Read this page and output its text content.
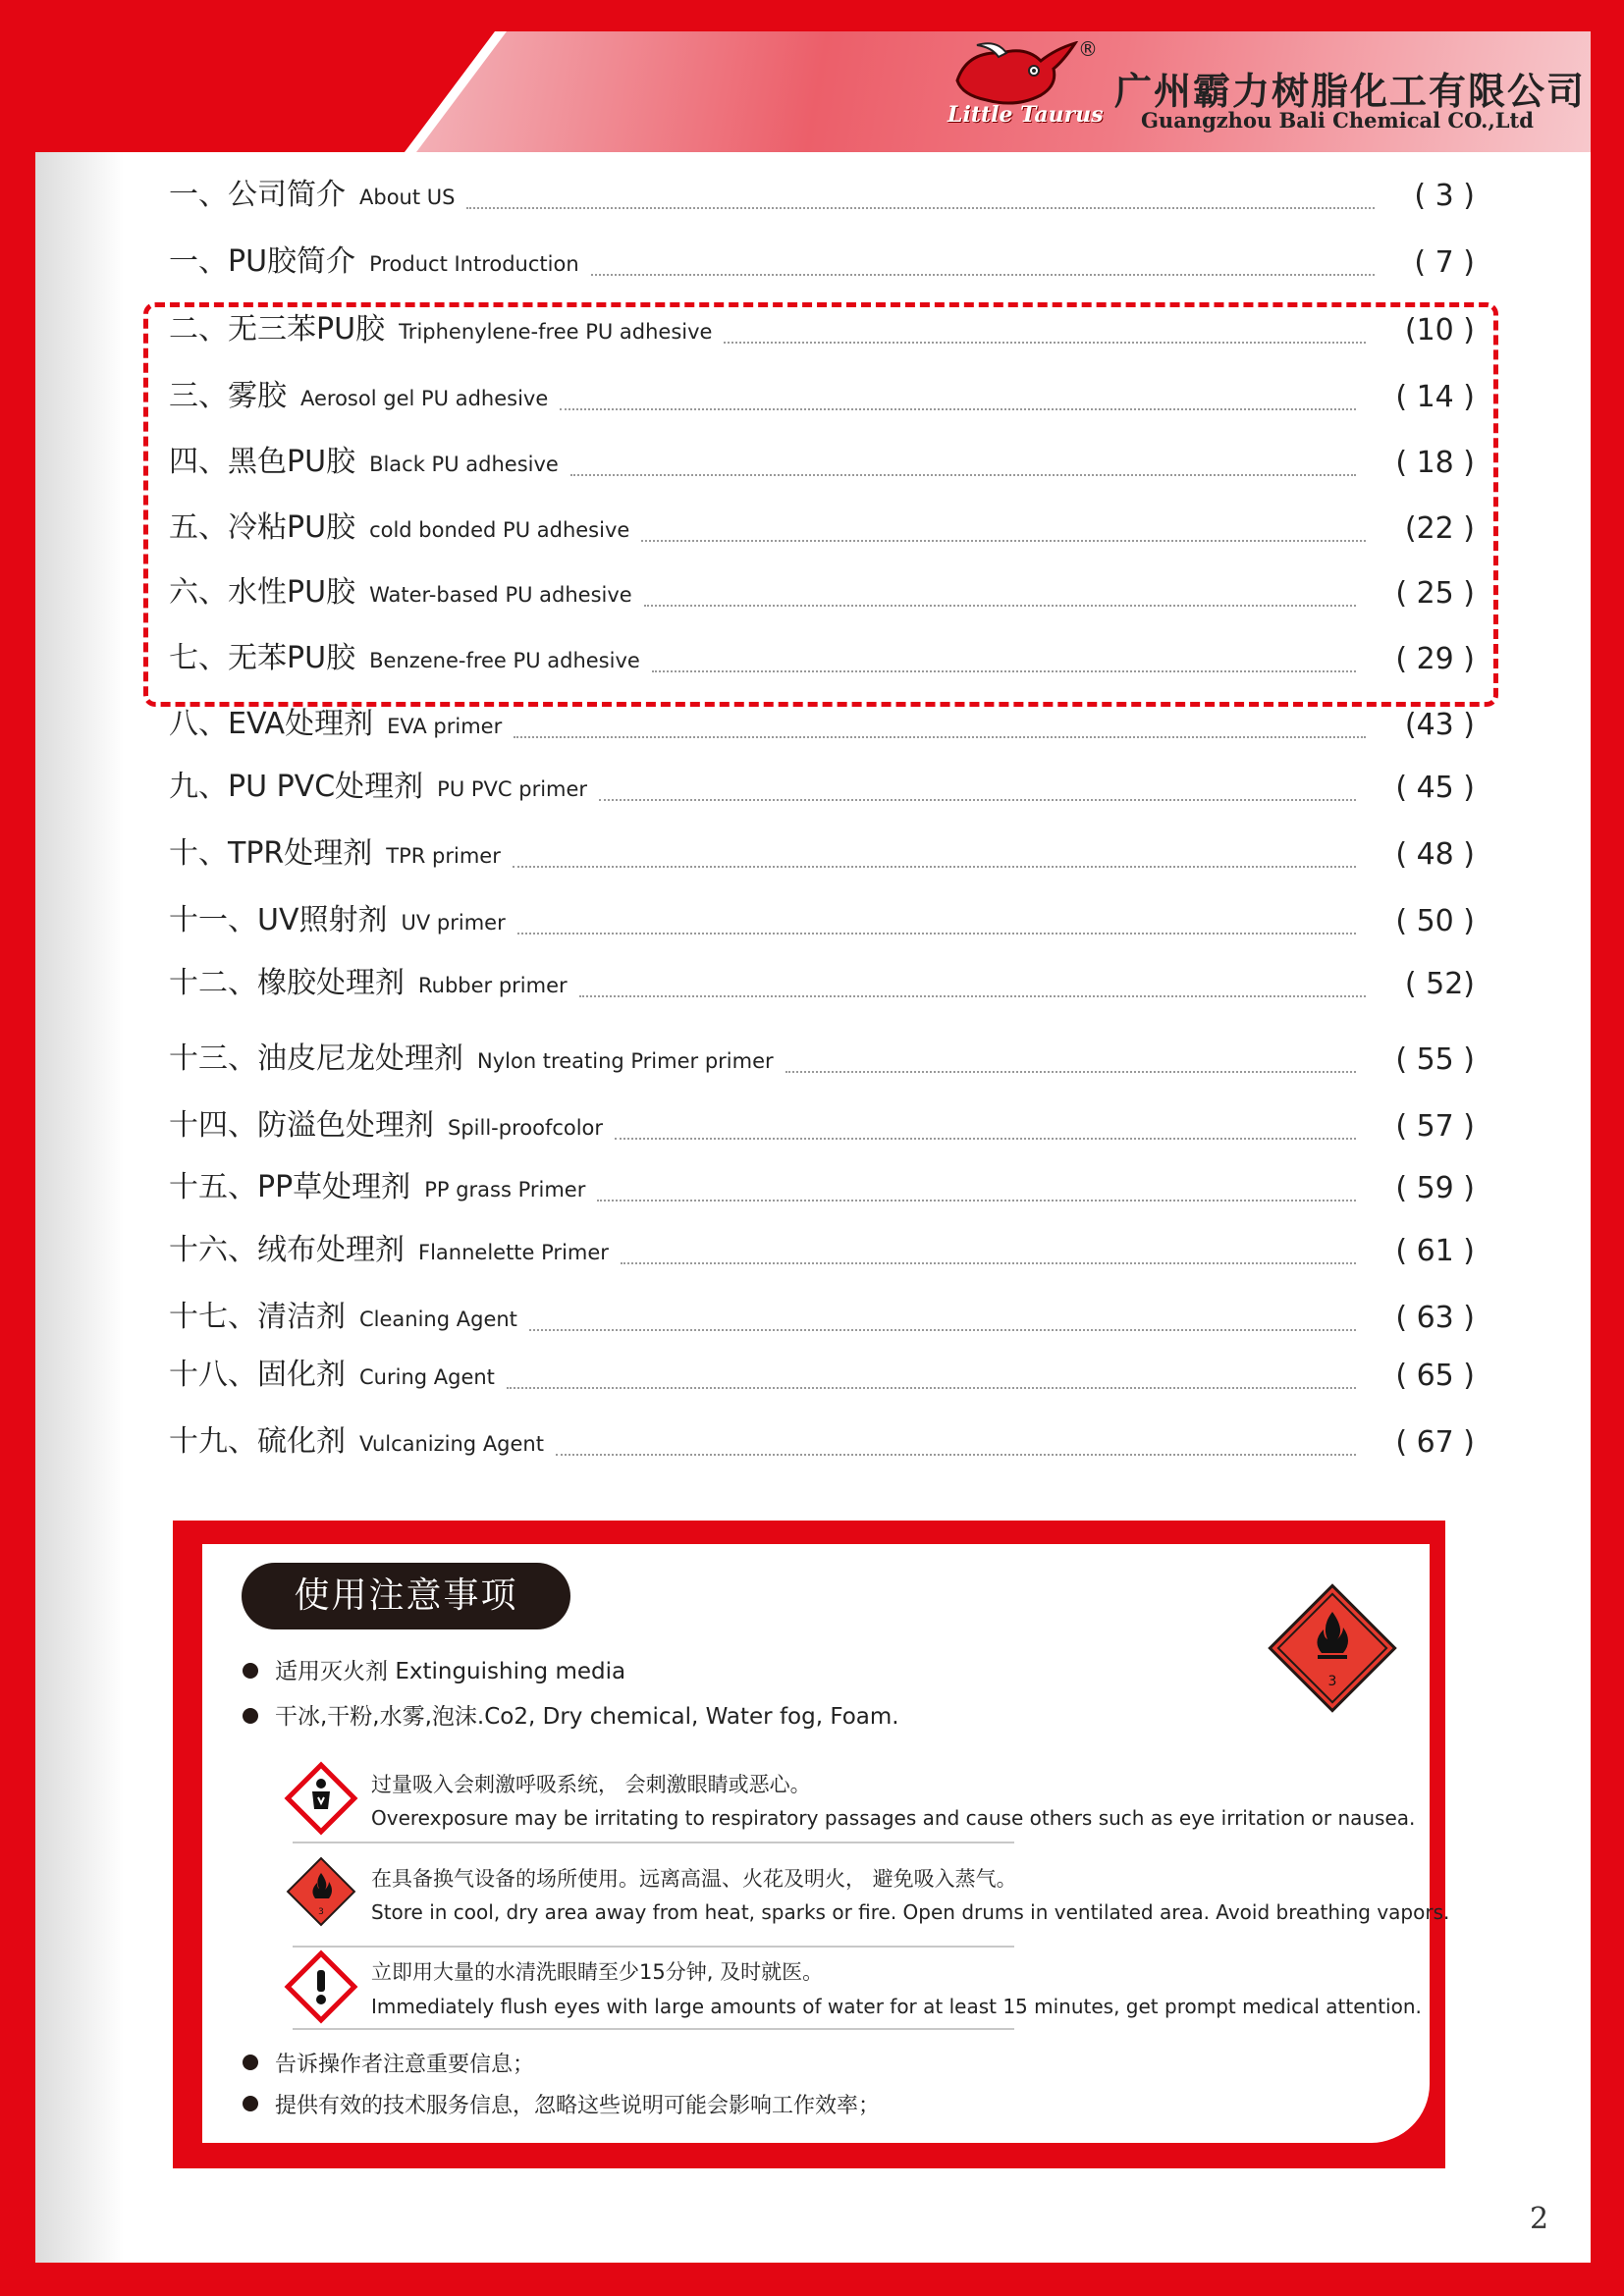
Little Taurus
®
广州霸力树脂化工有限公司
Guangzhou Bali Chemical CO.,Ltd
一、公司简介 About US	( 3 )
一、PU胶简介 Product Introduction	( 7 )
二、无三苯PU胶 Triphenylene-free PU adhesive	(10 )
三、雾胶 Aerosol gel PU adhesive	( 14 )
四、黑色PU胶 Black PU adhesive	( 18 )
五、冷粘PU胶 cold bonded PU adhesive	(22 )
六、水性PU胶 Water-based PU adhesive	( 25 )
七、无苯PU胶 Benzene-free PU adhesive	( 29 )
八、EVA处理剂 EVA primer	(43 )
九、PU PVC处理剂 PU PVC primer	( 45 )
十、TPR处理剂 TPR primer	( 48 )
十一、UV照射剂 UV primer	( 50 )
十二、橡胶处理剂 Rubber primer	( 52)
十三、油皮尼龙处理剂 Nylon treating Primer primer	( 55 )
十四、防溢色处理剂 Spill-proofcolor	( 57 )
十五、PP草处理剂 PP grass Primer	( 59 )
十六、绒布处理剂 Flannelette Primer	( 61 )
十七、清洁剂 Cleaning Agent	( 63 )
十八、固化剂 Curing Agent	( 65 )
十九、硫化剂 Vulcanizing Agent	( 67 )
使用注意事项
3
适用灭火剂 Extinguishing media
干冰,干粉,水雾,泡沫.Co2, Dry chemical, Water fog, Foam.
过量吸入会刺激呼吸系统， 会刺激眼睛或恶心。
Overexposure may be irritating to respiratory passages and cause others such as eye irritation or nausea.
3
在具备换气设备的场所使用。远离高温、火花及明火， 避免吸入蒸气。
Store in cool, dry area away from heat, sparks or fire. Open drums in ventilated area. Avoid breathing vapors.
立即用大量的水清洗眼睛至少15分钟, 及时就医。
Immediately flush eyes with large amounts of water for at least 15 minutes, get prompt medical attention.
告诉操作者注意重要信息；
提供有效的技术服务信息，忽略这些说明可能会影响工作效率；
2
